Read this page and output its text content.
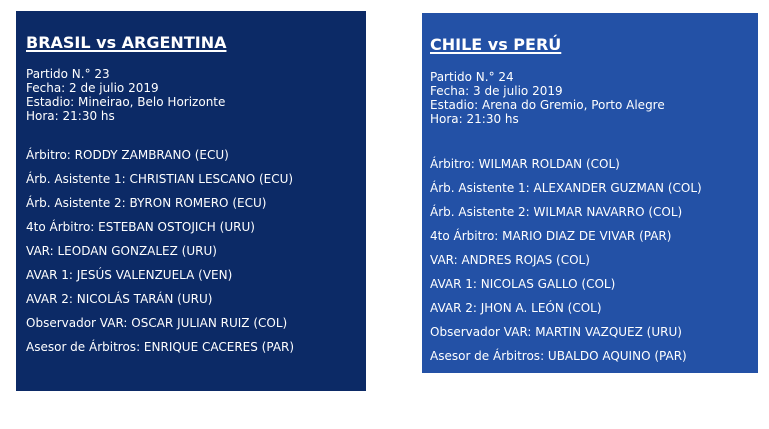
BRASIL vs ARGENTINA
Partido N.° 23
Fecha: 2 de julio 2019
Estadio: Mineirao, Belo Horizonte
Hora: 21:30 hs
Árbitro: RODDY ZAMBRANO (ECU)
Árb. Asistente 1: CHRISTIAN LESCANO (ECU)
Árb. Asistente 2: BYRON ROMERO (ECU)
4to Árbitro: ESTEBAN OSTOJICH (URU)
VAR: LEODAN GONZALEZ (URU)
AVAR 1: JESÚS VALENZUELA (VEN)
AVAR 2: NICOLÁS TARÁN (URU)
Observador VAR: OSCAR JULIAN RUIZ (COL)
Asesor de Árbitros: ENRIQUE CACERES (PAR)
CHILE vs PERÚ
Partido N.° 24
Fecha: 3 de julio 2019
Estadio: Arena do Gremio, Porto Alegre
Hora: 21:30 hs
Árbitro: WILMAR ROLDAN (COL)
Árb. Asistente 1: ALEXANDER GUZMAN (COL)
Árb. Asistente 2: WILMAR NAVARRO (COL)
4to Árbitro: MARIO DIAZ DE VIVAR (PAR)
VAR: ANDRES ROJAS (COL)
AVAR 1: NICOLAS GALLO (COL)
AVAR 2: JHON A. LEÓN (COL)
Observador VAR: MARTIN VAZQUEZ (URU)
Asesor de Árbitros: UBALDO AQUINO (PAR)
